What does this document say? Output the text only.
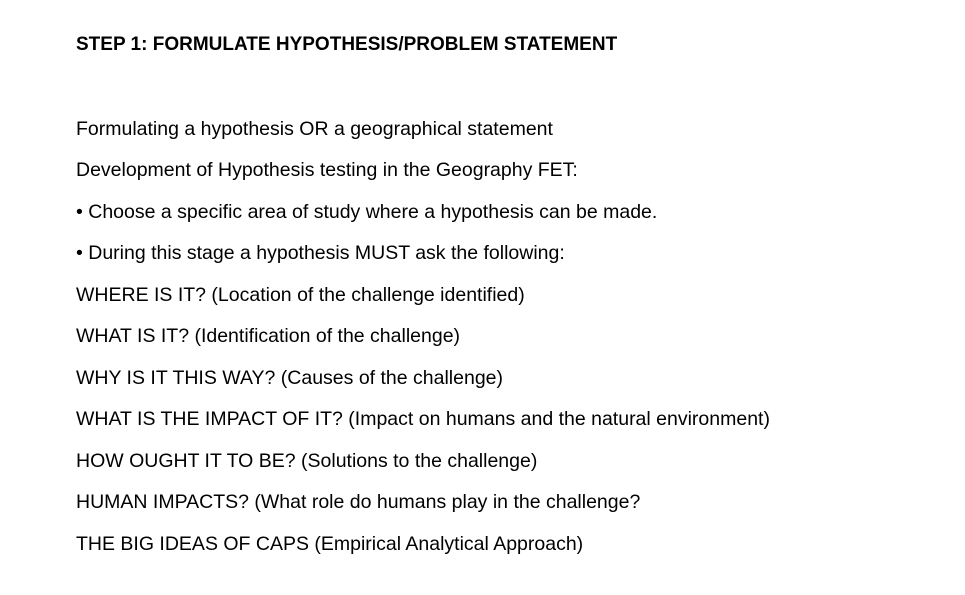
STEP 1: FORMULATE HYPOTHESIS/PROBLEM STATEMENT
Formulating a hypothesis OR a geographical statement
Development of Hypothesis testing in the Geography FET:
• Choose a specific area of study where a hypothesis can be made.
• During this stage a hypothesis MUST ask the following:
WHERE IS IT? (Location of the challenge identified)
WHAT IS IT? (Identification of the challenge)
WHY IS IT THIS WAY? (Causes of the challenge)
WHAT IS THE IMPACT OF IT? (Impact on humans and the natural environment)
HOW OUGHT IT TO BE? (Solutions to the challenge)
HUMAN IMPACTS? (What role do humans play in the challenge?
THE BIG IDEAS OF CAPS (Empirical Analytical Approach)
